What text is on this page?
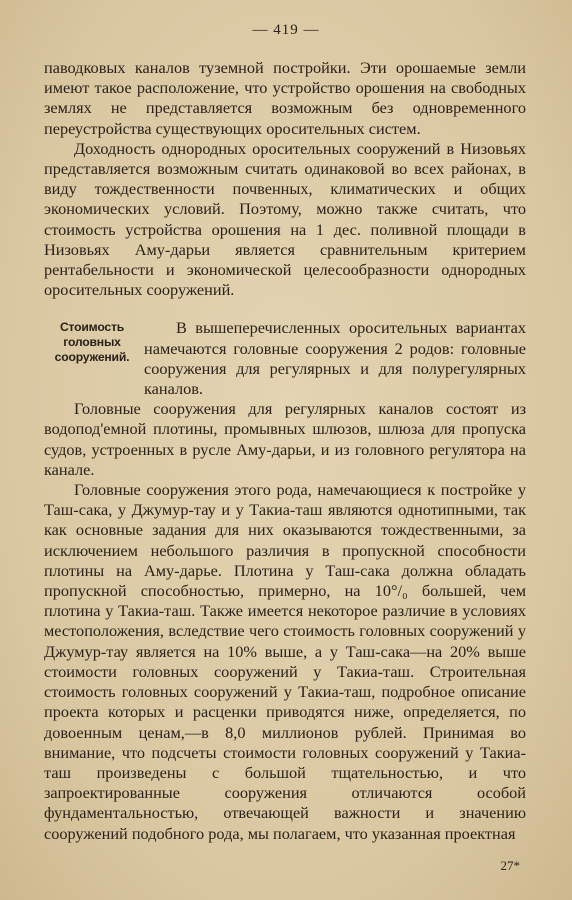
— 419 —

паводковых каналов туземной постройки. Эти орошаемые земли имеют такое расположение, что устройство орошения на свободных землях не представляется возможным без одновременного переустройства существующих оросительных систем.

Доходность однородных оросительных сооружений в Низовьях представляется возможным считать одинаковой во всех районах, в виду тождественности почвенных, климатических и общих экономических условий. Поэтому, можно также считать, что стоимость устройства орошения на 1 дес. поливной площади в Низовьях Аму-дарьи является сравнительным критерием рентабельности и экономической целесообразности однородных оросительных сооружений.

Стоимость головных сооружений.

В вышеперечисленных оросительных вариантах намечаются головные сооружения 2 родов: головные сооружения для регулярных и для полурегулярных каналов.

Головные сооружения для регулярных каналов состоят из водопод'емной плотины, промывных шлюзов, шлюза для пропуска судов, устроенных в русле Аму-дарьи, и из головного регулятора на канале.

Головные сооружения этого рода, намечающиеся к постройке у Таш-сака, у Джумур-тау и у Такиа-таш являются однотипными, так как основные задания для них оказываются тождественными, за исключением небольшого различия в пропускной способности плотины на Аму-дарье. Плотина у Таш-сака должна обладать пропускной способностью, примерно, на 10°/₀ большей, чем плотина у Такиа-таш. Также имеется некоторое различие в условиях местоположения, вследствие чего стоимость головных сооружений у Джумур-тау является на 10% выше, а у Таш-сака—на 20% выше стоимости головных сооружений у Такиа-таш. Строительная стоимость головных сооружений у Такиа-таш, подробное описание проекта которых и расценки приводятся ниже, определяется, по довоенным ценам,—в 8,0 миллионов рублей. Принимая во внимание, что подсчеты стоимости головных сооружений у Такиа-таш произведены с большой тщательностью, и что запроектированные сооружения отличаются особой фундаментальностью, отвечающей важности и значению сооружений подобного рода, мы полагаем, что указанная проектная

27*
